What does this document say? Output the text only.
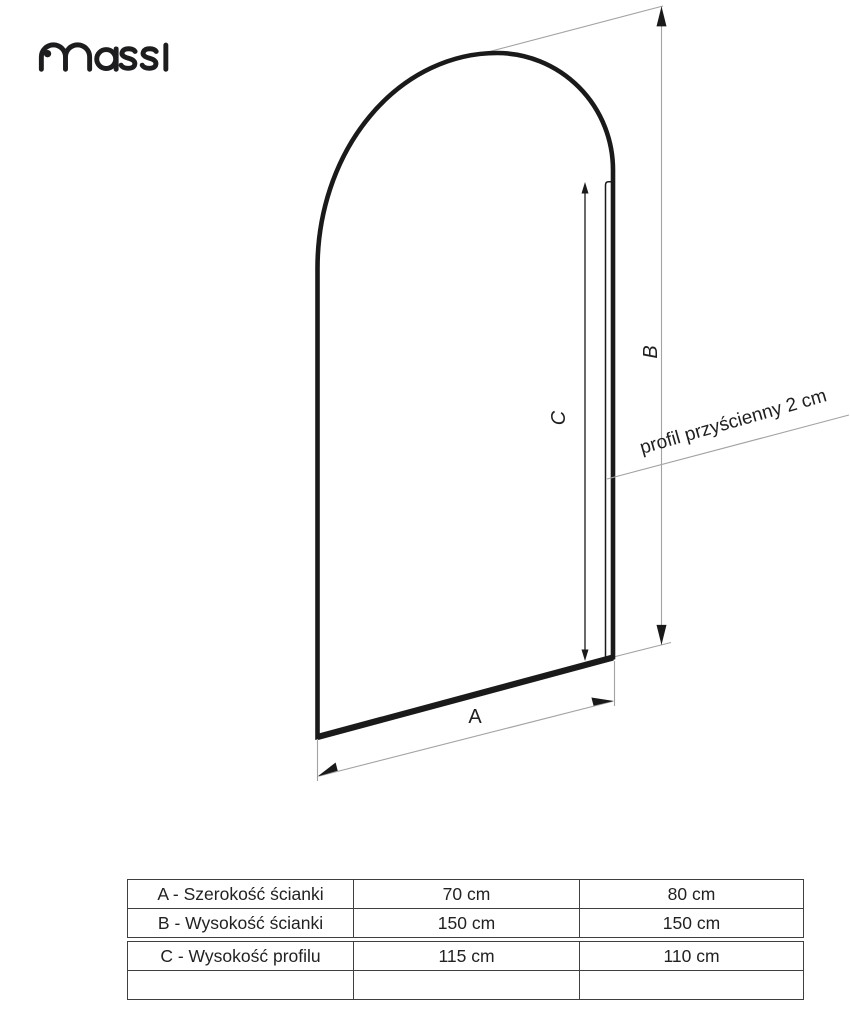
B
C
A
profil przyścienny 2 cm
A - Szerokość ścianki	70 cm	80 cm
B - Wysokość ścianki	150 cm	150 cm
C - Wysokość profilu	115 cm	110 cm
